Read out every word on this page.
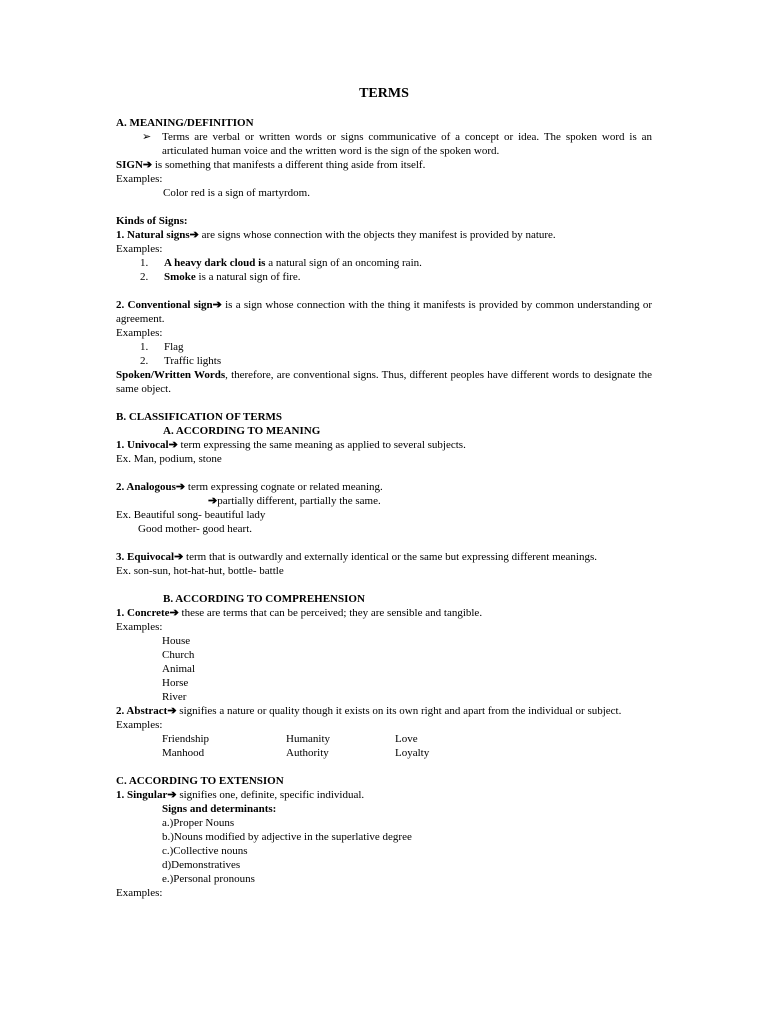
TERMS

A. MEANING/DEFINITION

➢ Terms are verbal or written words or signs communicative of a concept or idea. The spoken word is an articulated human voice and the written word is the sign of the spoken word.

SIGN➔ is something that manifests a different thing aside from itself.

Examples:

Color red is a sign of martyrdom.

Kinds of Signs:

1. Natural signs➔ are signs whose connection with the objects they manifest is provided by nature.

Examples:

1. A heavy dark cloud is a natural sign of an oncoming rain.

2. Smoke is a natural sign of fire.

2. Conventional sign➔ is a sign whose connection with the thing it manifests is provided by common understanding or agreement.

Examples:

1. Flag

2. Traffic lights

Spoken/Written Words, therefore, are conventional signs. Thus, different peoples have different words to designate the same object.

B. CLASSIFICATION OF TERMS

A. ACCORDING TO MEANING

1. Univocal➔ term expressing the same meaning as applied to several subjects.

Ex. Man, podium, stone

2. Analogous➔ term expressing cognate or related meaning.

➔partially different, partially the same.

Ex. Beautiful song- beautiful lady

Good mother- good heart.

3. Equivocal➔ term that is outwardly and externally identical or the same but expressing different meanings.

Ex. son-sun, hot-hat-hut, bottle- battle

B. ACCORDING TO COMPREHENSION

1. Concrete➔ these are terms that can be perceived; they are sensible and tangible.

Examples:

House

Church

Animal

Horse

River

2. Abstract➔ signifies a nature or quality though it exists on its own right and apart from the individual or subject.

Examples:

Friendship	Humanity	Love
Manhood	Authority	Loyalty

C. ACCORDING TO EXTENSION

1. Singular➔ signifies one, definite, specific individual.

Signs and determinants:

a.)Proper Nouns

b.)Nouns modified by adjective in the superlative degree

c.)Collective nouns

d)Demonstratives

e.)Personal pronouns

Examples:
